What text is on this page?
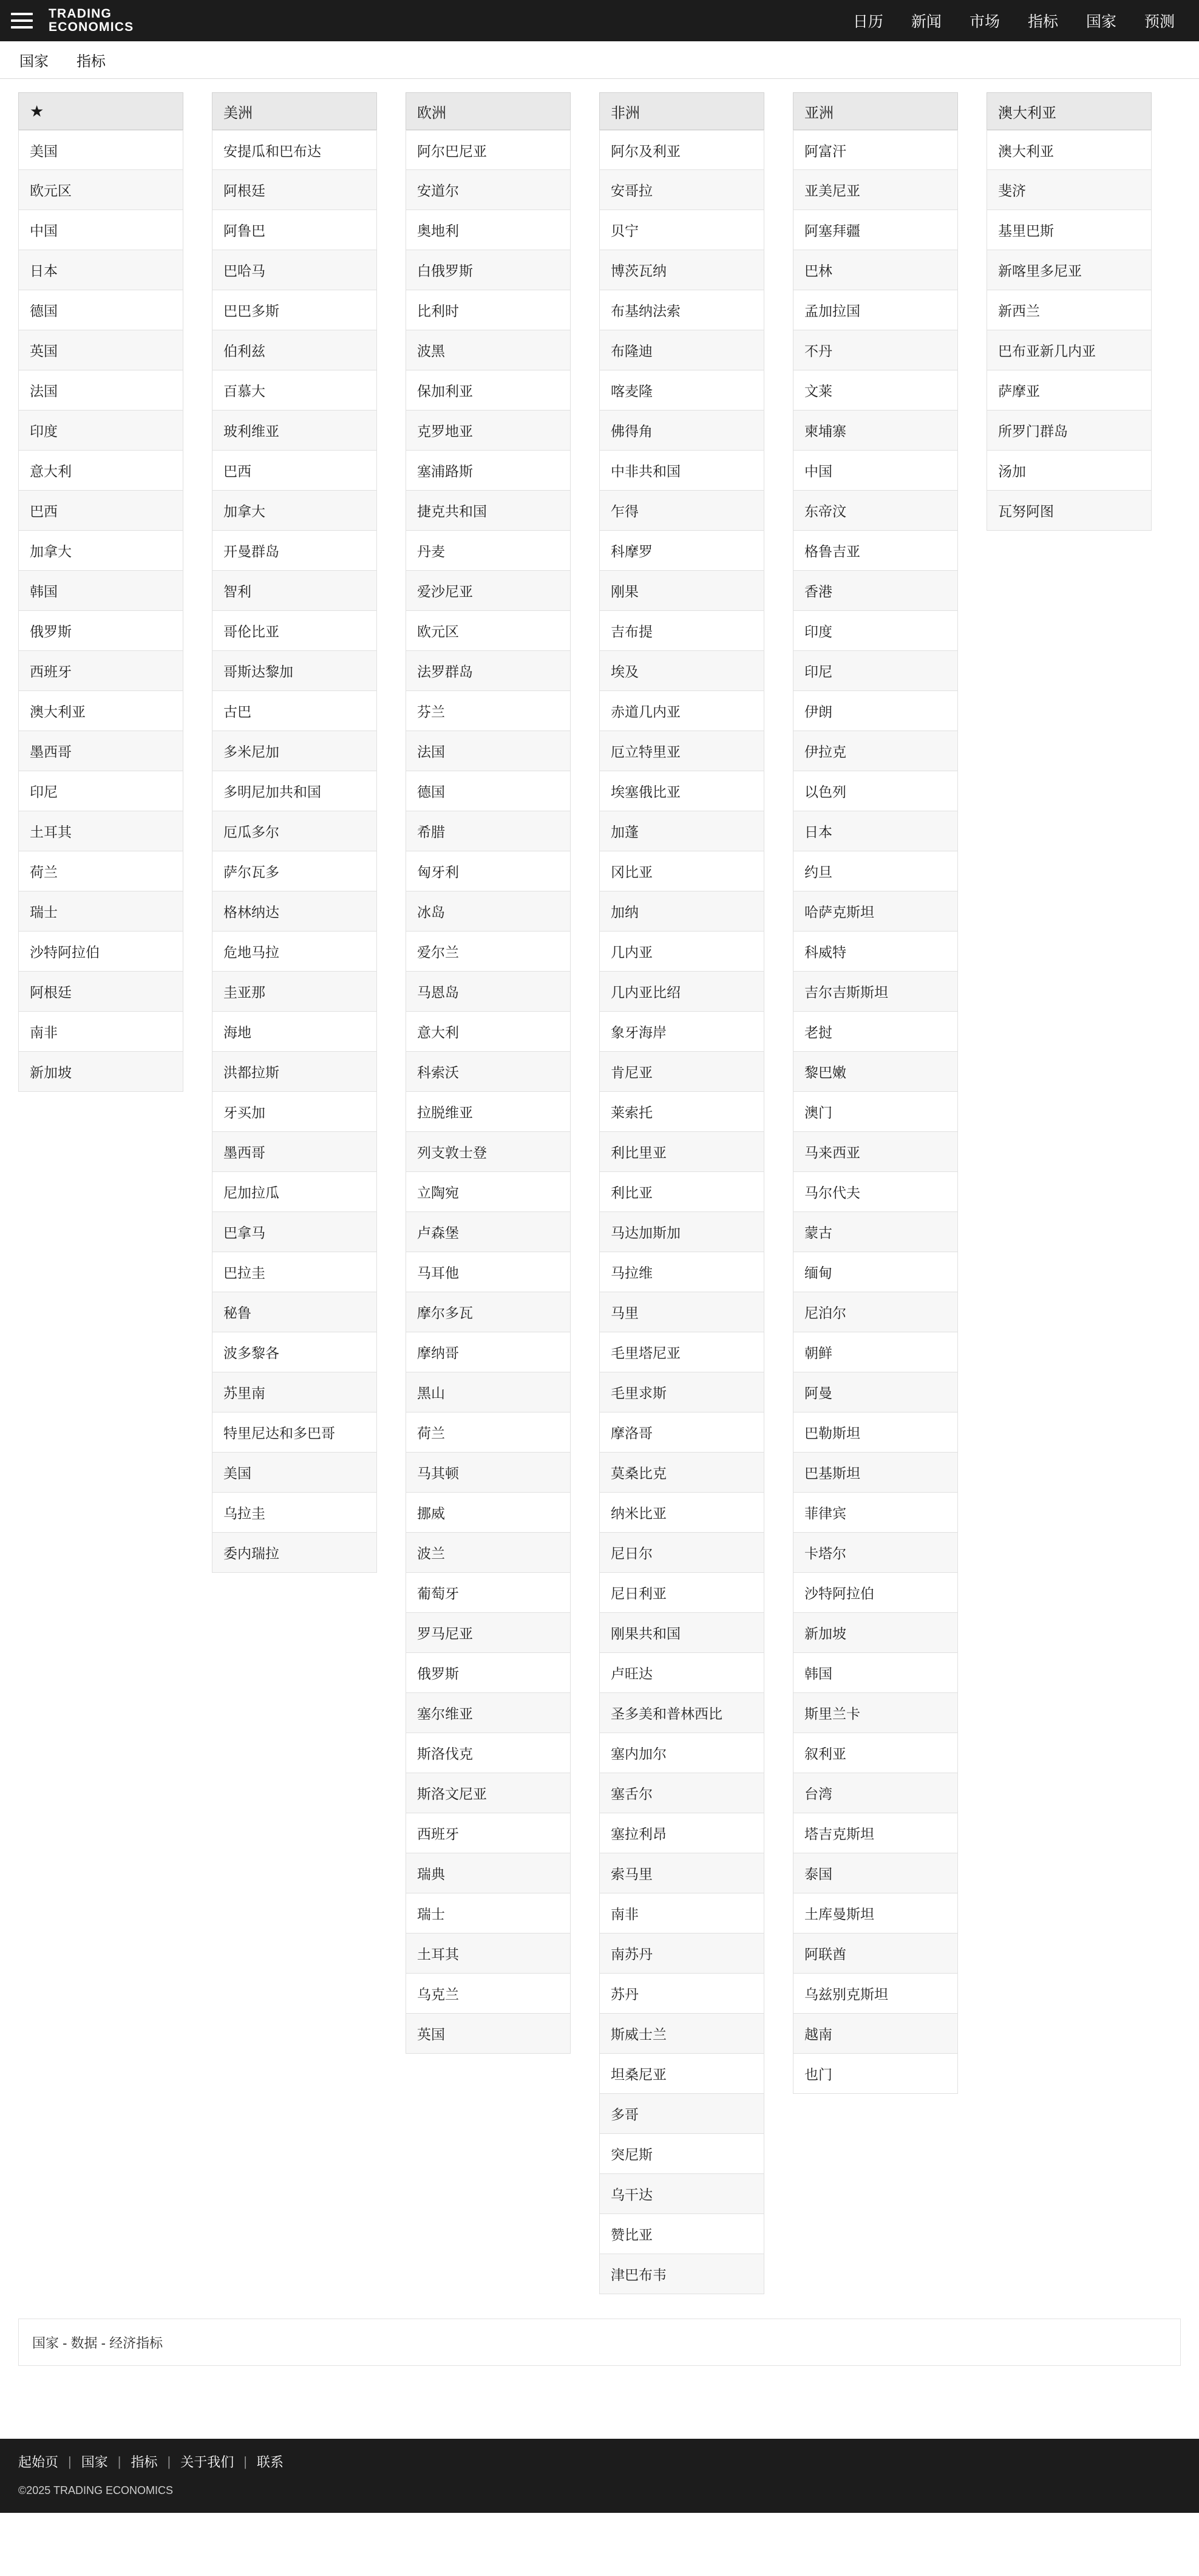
TRADING
ECONOMICS	日历 新闻 市场 指标 国家 预测
国家 指标
★
美国
欧元区
中国
日本
德国
英国
法国
印度
意大利
巴西
加拿大
韩国
俄罗斯
西班牙
澳大利亚
墨西哥
印尼
土耳其
荷兰
瑞士
沙特阿拉伯
阿根廷
南非
新加坡
美洲
安提瓜和巴布达
阿根廷
阿鲁巴
巴哈马
巴巴多斯
伯利兹
百慕大
玻利维亚
巴西
加拿大
开曼群岛
智利
哥伦比亚
哥斯达黎加
古巴
多米尼加
多明尼加共和国
厄瓜多尔
萨尔瓦多
格林纳达
危地马拉
圭亚那
海地
洪都拉斯
牙买加
墨西哥
尼加拉瓜
巴拿马
巴拉圭
秘鲁
波多黎各
苏里南
特里尼达和多巴哥
美国
乌拉圭
委内瑞拉
欧洲
阿尔巴尼亚
安道尔
奥地利
白俄罗斯
比利时
波黑
保加利亚
克罗地亚
塞浦路斯
捷克共和国
丹麦
爱沙尼亚
欧元区
法罗群岛
芬兰
法国
德国
希腊
匈牙利
冰岛
爱尔兰
马恩岛
意大利
科索沃
拉脱维亚
列支敦士登
立陶宛
卢森堡
马耳他
摩尔多瓦
摩纳哥
黑山
荷兰
马其顿
挪威
波兰
葡萄牙
罗马尼亚
俄罗斯
塞尔维亚
斯洛伐克
斯洛文尼亚
西班牙
瑞典
瑞士
土耳其
乌克兰
英国
非洲
阿尔及利亚
安哥拉
贝宁
博茨瓦纳
布基纳法索
布隆迪
喀麦隆
佛得角
中非共和国
乍得
科摩罗
刚果
吉布提
埃及
赤道几内亚
厄立特里亚
埃塞俄比亚
加蓬
冈比亚
加纳
几内亚
几内亚比绍
象牙海岸
肯尼亚
莱索托
利比里亚
利比亚
马达加斯加
马拉维
马里
毛里塔尼亚
毛里求斯
摩洛哥
莫桑比克
纳米比亚
尼日尔
尼日利亚
刚果共和国
卢旺达
圣多美和普林西比
塞内加尔
塞舌尔
塞拉利昂
索马里
南非
南苏丹
苏丹
斯威士兰
坦桑尼亚
多哥
突尼斯
乌干达
赞比亚
津巴布韦
亚洲
阿富汗
亚美尼亚
阿塞拜疆
巴林
孟加拉国
不丹
文莱
柬埔寨
中国
东帝汶
格鲁吉亚
香港
印度
印尼
伊朗
伊拉克
以色列
日本
约旦
哈萨克斯坦
科威特
吉尔吉斯斯坦
老挝
黎巴嫩
澳门
马来西亚
马尔代夫
蒙古
缅甸
尼泊尔
朝鲜
阿曼
巴勒斯坦
巴基斯坦
菲律宾
卡塔尔
沙特阿拉伯
新加坡
韩国
斯里兰卡
叙利亚
台湾
塔吉克斯坦
泰国
土库曼斯坦
阿联酋
乌兹别克斯坦
越南
也门
澳大利亚
澳大利亚
斐济
基里巴斯
新喀里多尼亚
新西兰
巴布亚新几内亚
萨摩亚
所罗门群岛
汤加
瓦努阿图
国家 - 数据 - 经济指标
起始页 | 国家 | 指标 | 关于我们 | 联系
©2025 TRADING ECONOMICS
